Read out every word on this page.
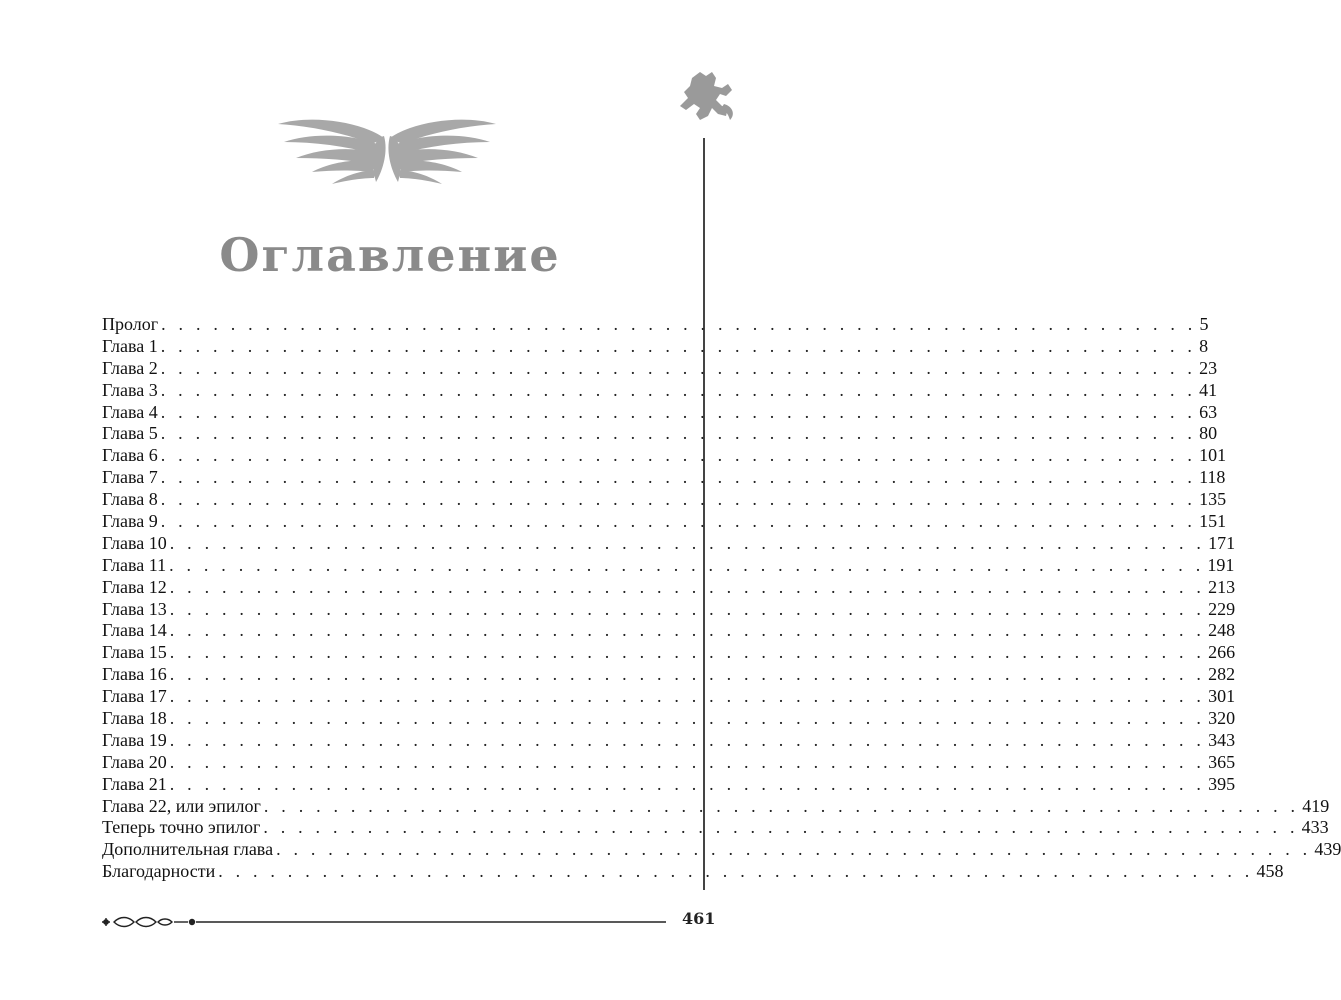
Оглавление
Пролог . . . . . . . . . . . . . . . . . . . . . . . . . . . . . . . . . . . . . . . . . . . . . . . . . . . . . . . . . . . . 5
Глава 1 . . . . . . . . . . . . . . . . . . . . . . . . . . . . . . . . . . . . . . . . . . . . . . . . . . . . . . . . . . . . 8
Глава 2 . . . . . . . . . . . . . . . . . . . . . . . . . . . . . . . . . . . . . . . . . . . . . . . . . . . . . . . . . . . . 23
Глава 3 . . . . . . . . . . . . . . . . . . . . . . . . . . . . . . . . . . . . . . . . . . . . . . . . . . . . . . . . . . . . 41
Глава 4 . . . . . . . . . . . . . . . . . . . . . . . . . . . . . . . . . . . . . . . . . . . . . . . . . . . . . . . . . . . . 63
Глава 5 . . . . . . . . . . . . . . . . . . . . . . . . . . . . . . . . . . . . . . . . . . . . . . . . . . . . . . . . . . . . 80
Глава 6 . . . . . . . . . . . . . . . . . . . . . . . . . . . . . . . . . . . . . . . . . . . . . . . . . . . . . . . . . . . . 101
Глава 7 . . . . . . . . . . . . . . . . . . . . . . . . . . . . . . . . . . . . . . . . . . . . . . . . . . . . . . . . . . . . 118
Глава 8 . . . . . . . . . . . . . . . . . . . . . . . . . . . . . . . . . . . . . . . . . . . . . . . . . . . . . . . . . . . . 135
Глава 9 . . . . . . . . . . . . . . . . . . . . . . . . . . . . . . . . . . . . . . . . . . . . . . . . . . . . . . . . . . . . 151
Глава 10 . . . . . . . . . . . . . . . . . . . . . . . . . . . . . . . . . . . . . . . . . . . . . . . . . . . . . . . . . . . . 171
Глава 11 . . . . . . . . . . . . . . . . . . . . . . . . . . . . . . . . . . . . . . . . . . . . . . . . . . . . . . . . . . . . 191
Глава 12 . . . . . . . . . . . . . . . . . . . . . . . . . . . . . . . . . . . . . . . . . . . . . . . . . . . . . . . . . . . . 213
Глава 13 . . . . . . . . . . . . . . . . . . . . . . . . . . . . . . . . . . . . . . . . . . . . . . . . . . . . . . . . . . . . 229
Глава 14 . . . . . . . . . . . . . . . . . . . . . . . . . . . . . . . . . . . . . . . . . . . . . . . . . . . . . . . . . . . . 248
Глава 15 . . . . . . . . . . . . . . . . . . . . . . . . . . . . . . . . . . . . . . . . . . . . . . . . . . . . . . . . . . . . 266
Глава 16 . . . . . . . . . . . . . . . . . . . . . . . . . . . . . . . . . . . . . . . . . . . . . . . . . . . . . . . . . . . . 282
Глава 17 . . . . . . . . . . . . . . . . . . . . . . . . . . . . . . . . . . . . . . . . . . . . . . . . . . . . . . . . . . . . 301
Глава 18 . . . . . . . . . . . . . . . . . . . . . . . . . . . . . . . . . . . . . . . . . . . . . . . . . . . . . . . . . . . . 320
Глава 19 . . . . . . . . . . . . . . . . . . . . . . . . . . . . . . . . . . . . . . . . . . . . . . . . . . . . . . . . . . . . 343
Глава 20 . . . . . . . . . . . . . . . . . . . . . . . . . . . . . . . . . . . . . . . . . . . . . . . . . . . . . . . . . . . . 365
Глава 21 . . . . . . . . . . . . . . . . . . . . . . . . . . . . . . . . . . . . . . . . . . . . . . . . . . . . . . . . . . . . 395
Глава 22, или эпилог . . . . . . . . . . . . . . . . . . . . . . . . . . . . . . . . . . . . . . . . . . . . . . . . . . . . . . . . . . . . 419
Теперь точно эпилог . . . . . . . . . . . . . . . . . . . . . . . . . . . . . . . . . . . . . . . . . . . . . . . . . . . . . . . . . . . . 433
Дополнительная глава . . . . . . . . . . . . . . . . . . . . . . . . . . . . . . . . . . . . . . . . . . . . . . . . . . . . . . . . . . . . 439
Благодарности . . . . . . . . . . . . . . . . . . . . . . . . . . . . . . . . . . . . . . . . . . . . . . . . . . . . . . . . . . . . 458
461
